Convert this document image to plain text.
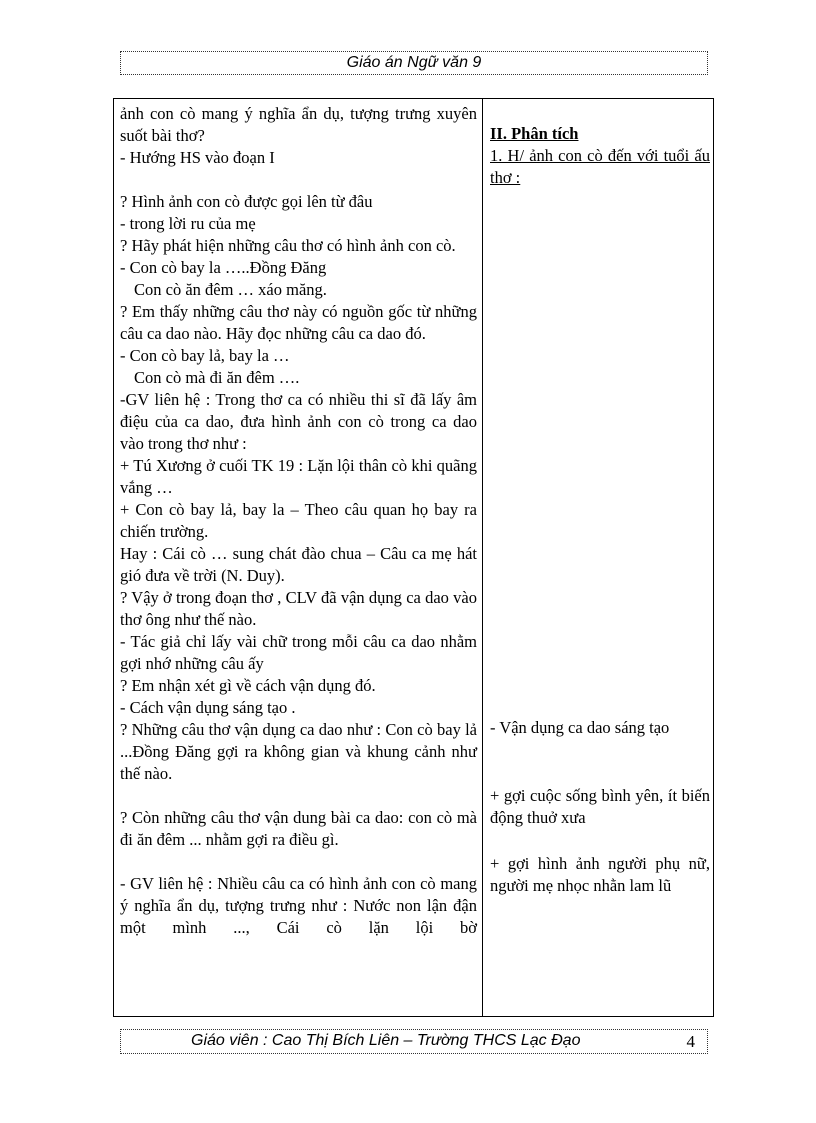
Giáo án Ngữ văn 9

ảnh con cò mang ý nghĩa ẩn dụ, tượng trưng xuyên suốt bài thơ?

- Hướng HS vào đoạn I

? Hình ảnh con cò được gọi lên từ đâu

- trong lời ru của mẹ

? Hãy phát hiện những câu thơ có hình ảnh con cò.

- Con cò bay la …..Đồng Đăng

Con cò ăn đêm … xáo măng.

? Em thấy những câu thơ này có nguồn gốc từ những câu ca dao nào. Hãy đọc những câu ca dao đó.

- Con cò bay lả, bay la …

Con cò mà đi ăn đêm ….

-GV liên hệ : Trong thơ ca có nhiều thi sĩ đã lấy âm điệu của ca dao, đưa hình ảnh con cò trong ca dao vào trong thơ như :

+ Tú Xương ở cuối TK 19 : Lặn lội thân cò khi quãng vắng …

+ Con cò bay lả, bay la – Theo câu quan họ bay ra chiến trường.

Hay : Cái cò … sung chát đào chua – Câu ca mẹ hát gió đưa về trời (N. Duy).

? Vậy ở trong đoạn thơ , CLV đã vận dụng ca dao vào thơ ông như thế nào.

- Tác giả chỉ lấy vài chữ trong mỗi câu ca dao nhằm gợi nhớ những câu ấy

? Em nhận xét gì về cách vận dụng đó.

- Cách vận dụng sáng tạo .

? Những câu thơ vận dụng ca dao như : Con cò bay lả ...Đồng Đăng gợi ra không gian và khung cảnh như thế nào.

? Còn những câu thơ vận dung bài ca dao: con cò mà đi ăn đêm ... nhằm gợi ra điều gì.

- GV liên hệ : Nhiều câu ca có hình ảnh con cò mang ý nghĩa ẩn dụ, tượng trưng như : Nước non lận đận một mình ..., Cái cò lặn lội bờ

II. Phân tích

1. H/ ảnh con cò đến với tuổi ấu thơ :

- Vận dụng ca dao sáng tạo

+ gợi cuộc sống bình yên, ít biến động thuở xưa

+ gợi hình ảnh người phụ nữ, người mẹ nhọc nhằn lam lũ

Giáo viên : Cao Thị Bích Liên – Trường THCS Lạc Đạo	4
